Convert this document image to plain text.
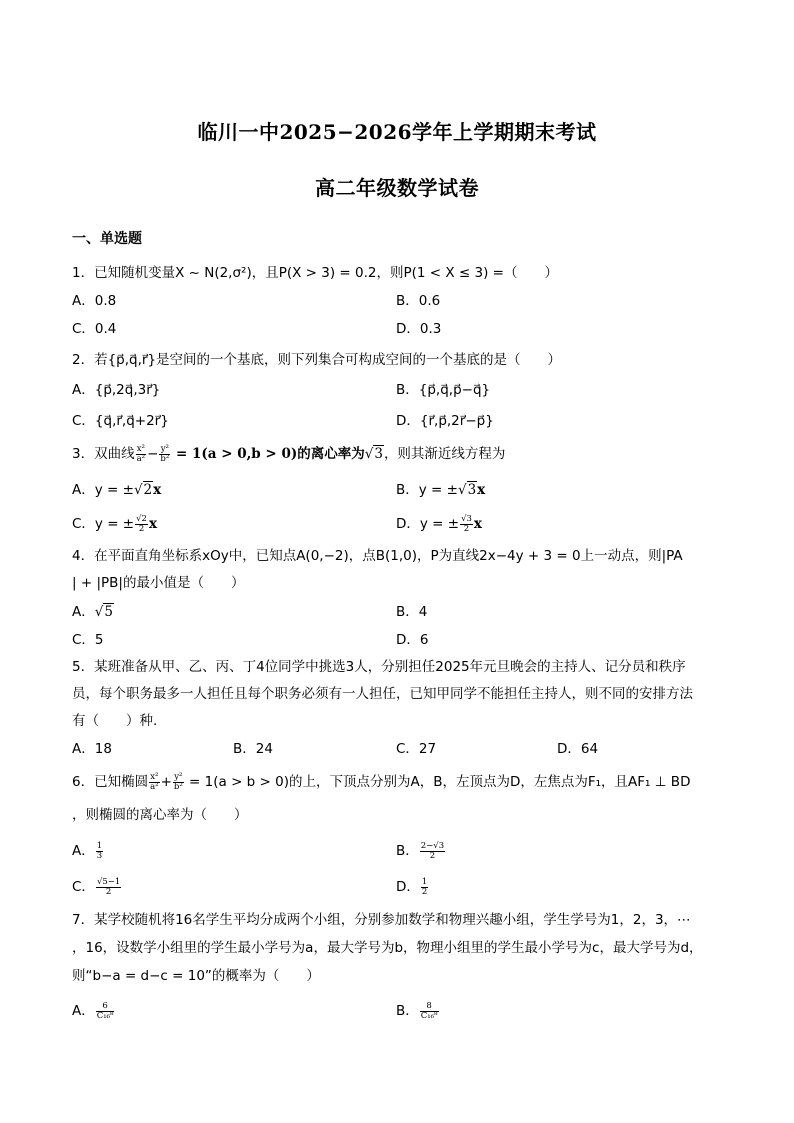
临川一中2025−2026学年上学期期末考试
高二年级数学试卷
一、单选题
1．已知随机变量X ~ N(2,σ²)，且P(X > 3) = 0.2，则P(1 < X ≤ 3) =（　　）
A．0.8	B．0.6
C．0.4	D．0.3
2．若{p⃗,q⃗,r⃗}是空间的一个基底，则下列集合可构成空间的一个基底的是（　　）
A．{p⃗,2q⃗,3r⃗}	B．{p⃗,q⃗,p⃗−q⃗}
C．{q⃗,r⃗,q⃗+2r⃗}	D．{r⃗,p⃗,2r⃗−p⃗}
3．双曲线 $\frac{\text{x²}}{\text{a²}} - \frac{\text{y²}}{\text{b²}} = 1(a > 0,b > 0)$的离心率为√3，则其渐近线方程为
A．y = ±√2x	B．y = ±√3x
C．y = ± $\frac{√2}{2}$ x	D．y = ± $\frac{√3}{2}$ x
4．在平面直角坐标系xOy中，已知点A(0,−2)，点B(1,0)，P为直线2x−4y + 3 = 0上一动点，则|PA
| + |PB|的最小值是（　　）
A．√5	B．4
C．5	D．6
5．某班准备从甲、乙、丙、丁4位同学中挑选3人，分别担任2025年元旦晚会的主持人、记分员和秩序
员，每个职务最多一人担任且每个职务必须有一人担任，已知甲同学不能担任主持人，则不同的安排方法
有（　　）种.
A．18	B．24	C．27	D．64
6．已知椭圆 $\frac{\text{x²}}{\text{a²}} + \frac{\text{y²}}{\text{b²}} = 1(a > b > 0)$的上，下顶点分别为A，B，左顶点为D，左焦点为F₁，且AF₁ ⊥ BD
，则椭圆的离心率为（　　）
A． $\frac{1}{3}$	B． $\frac{2-√3}{2}$
C． $\frac{√5-1}{2}$	D． $\frac{1}{2}$
7．某学校随机将16名学生平均分成两个小组，分别参加数学和物理兴趣小组，学生学号为1，2，3，⋯
，16，设数学小组里的学生最小学号为a，最大学号为b，物理小组里的学生最小学号为c，最大学号为d，
则“b−a = d−c = 10”的概率为（　　）
A． $\frac{6}{\text{C₁₆⁸}}$	B． $\frac{8}{\text{C₁₆⁸}}$
